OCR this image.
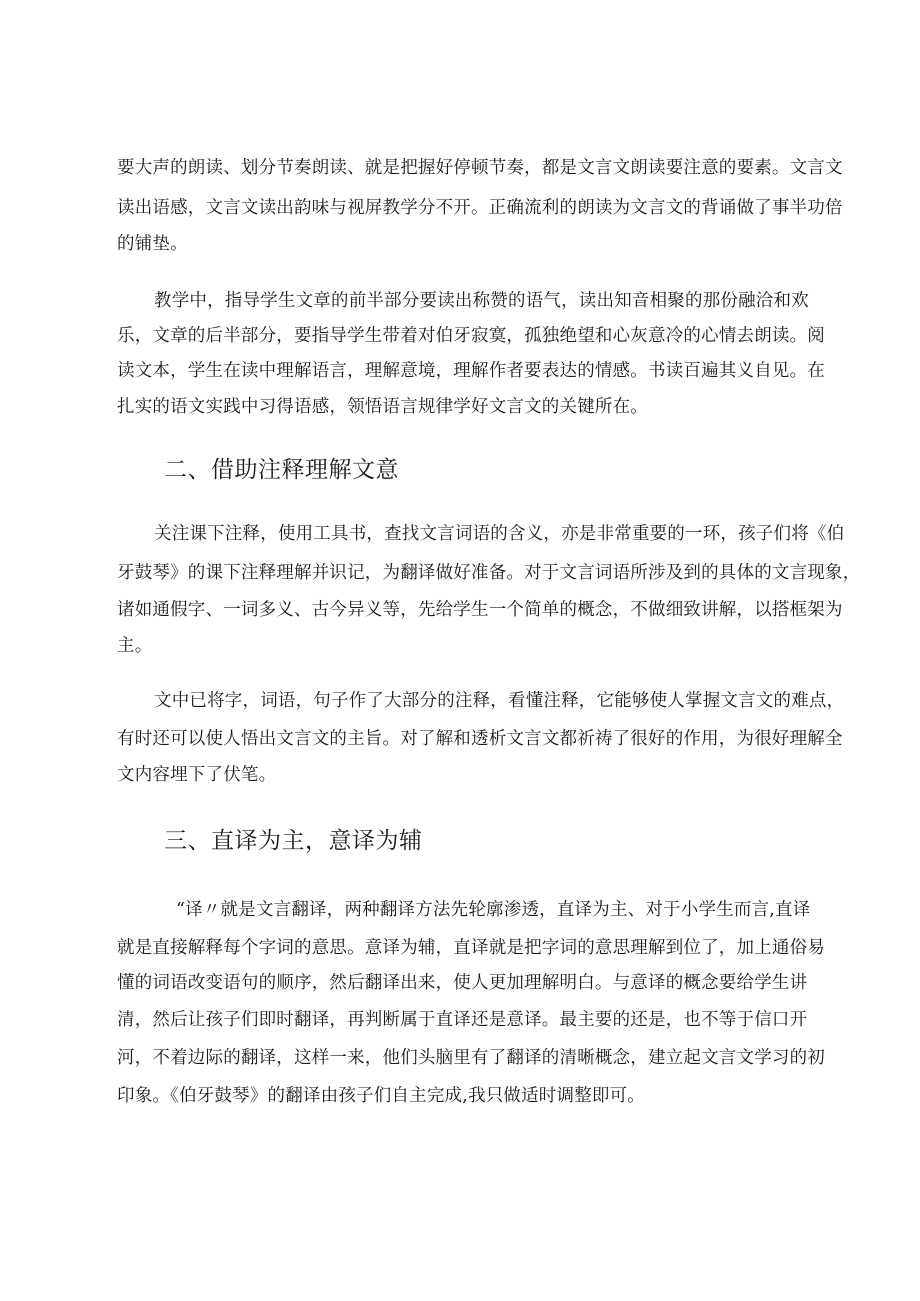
要大声的朗读、划分节奏朗读、就是把握好停顿节奏，都是文言文朗读要注意的要素。文言文
读出语感，文言文读出韵味与视屏教学分不开。正确流利的朗读为文言文的背诵做了事半功倍
的铺垫。
教学中，指导学生文章的前半部分要读出称赞的语气，读出知音相聚的那份融洽和欢
乐，文章的后半部分，要指导学生带着对伯牙寂寞，孤独绝望和心灰意冷的心情去朗读。阅
读文本，学生在读中理解语言，理解意境，理解作者要表达的情感。书读百遍其义自见。在
扎实的语文实践中习得语感，领悟语言规律学好文言文的关键所在。
二、借助注释理解文意
关注课下注释，使用工具书，查找文言词语的含义，亦是非常重要的一环，孩子们将《伯
牙鼓琴》的课下注释理解并识记，为翻译做好准备。对于文言词语所涉及到的具体的文言现象，
诸如通假字、一词多义、古今异义等，先给学生一个简单的概念，不做细致讲解，以搭框架为
主。
文中已将字，词语，句子作了大部分的注释，看懂注释，它能够使人掌握文言文的难点，
有时还可以使人悟出文言文的主旨。对了解和透析文言文都祈祷了很好的作用，为很好理解全
文内容埋下了伏笔。
三、直译为主，意译为辅
“译〃就是文言翻译，两种翻译方法先轮廓渗透，直译为主、对于小学生而言,直译
就是直接解释每个字词的意思。意译为辅，直译就是把字词的意思理解到位了，加上通俗易
懂的词语改变语句的顺序，然后翻译出来，使人更加理解明白。与意译的概念要给学生讲
清，然后让孩子们即时翻译，再判断属于直译还是意译。最主要的还是，也不等于信口开
河，不着边际的翻译，这样一来，他们头脑里有了翻译的清晰概念，建立起文言文学习的初
印象。《伯牙鼓琴》的翻译由孩子们自主完成,我只做适时调整即可。
